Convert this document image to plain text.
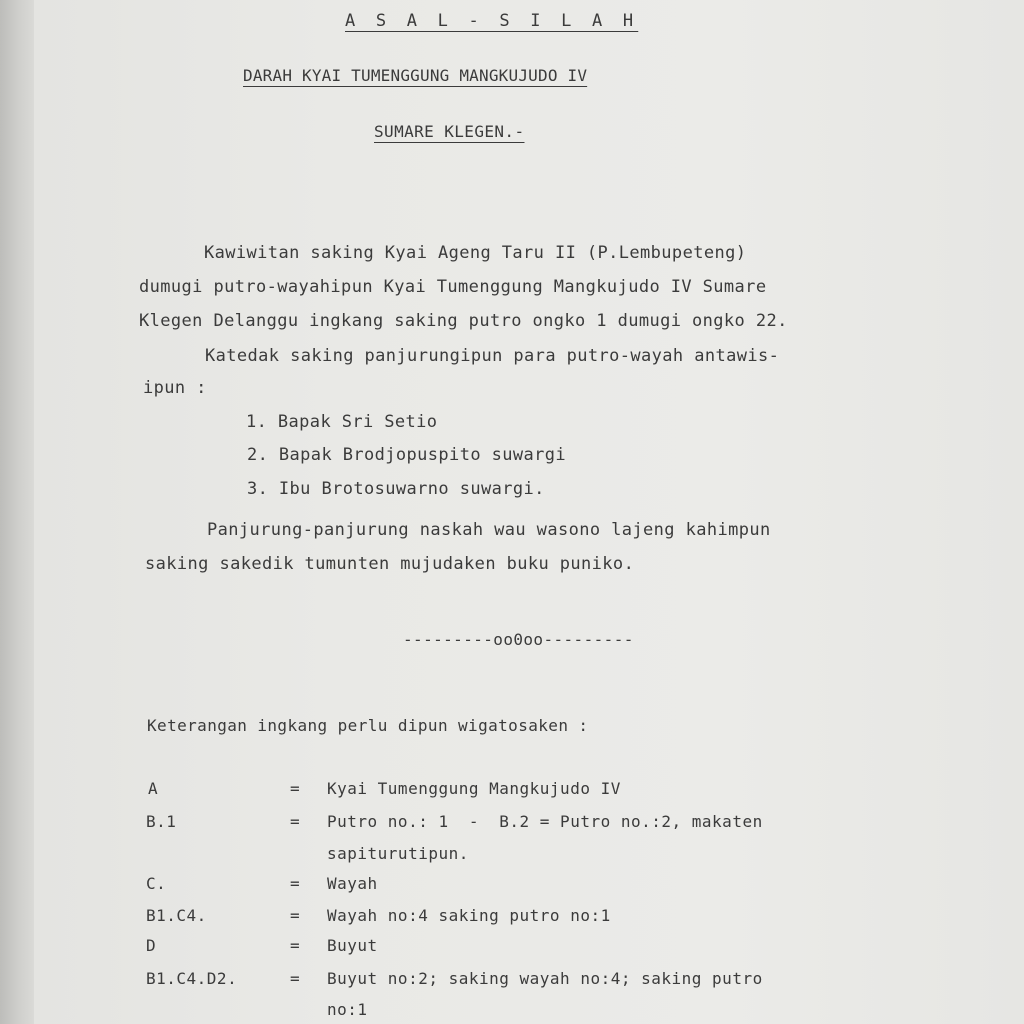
A S A L - S I L A H
DARAH KYAI TUMENGGUNG MANGKUJUDO IV
SUMARE KLEGEN.-
Kawiwitan saking Kyai Ageng Taru II (P.Lembupeteng)
dumugi putro-wayahipun Kyai Tumenggung Mangkujudo IV Sumare
Klegen Delanggu ingkang saking putro ongko 1 dumugi ongko 22.
Katedak saking panjurungipun para putro-wayah antawis-
ipun :
1. Bapak Sri Setio
2. Bapak Brodjopuspito suwargi
3. Ibu Brotosuwarno suwargi.
Panjurung-panjurung naskah wau wasono lajeng kahimpun
saking sakedik tumunten mujudaken buku puniko.
---------oo0oo---------
Keterangan ingkang perlu dipun wigatosaken :
A	= Kyai Tumenggung Mangkujudo IV
B.1	= Putro no.: 1  -  B.2 = Putro no.:2, makaten
sapiturutipun.
C.	= Wayah
B1.C4.	= Wayah no:4 saking putro no:1
D	= Buyut
B1.C4.D2.	= Buyut no:2; saking wayah no:4; saking putro
no:1
